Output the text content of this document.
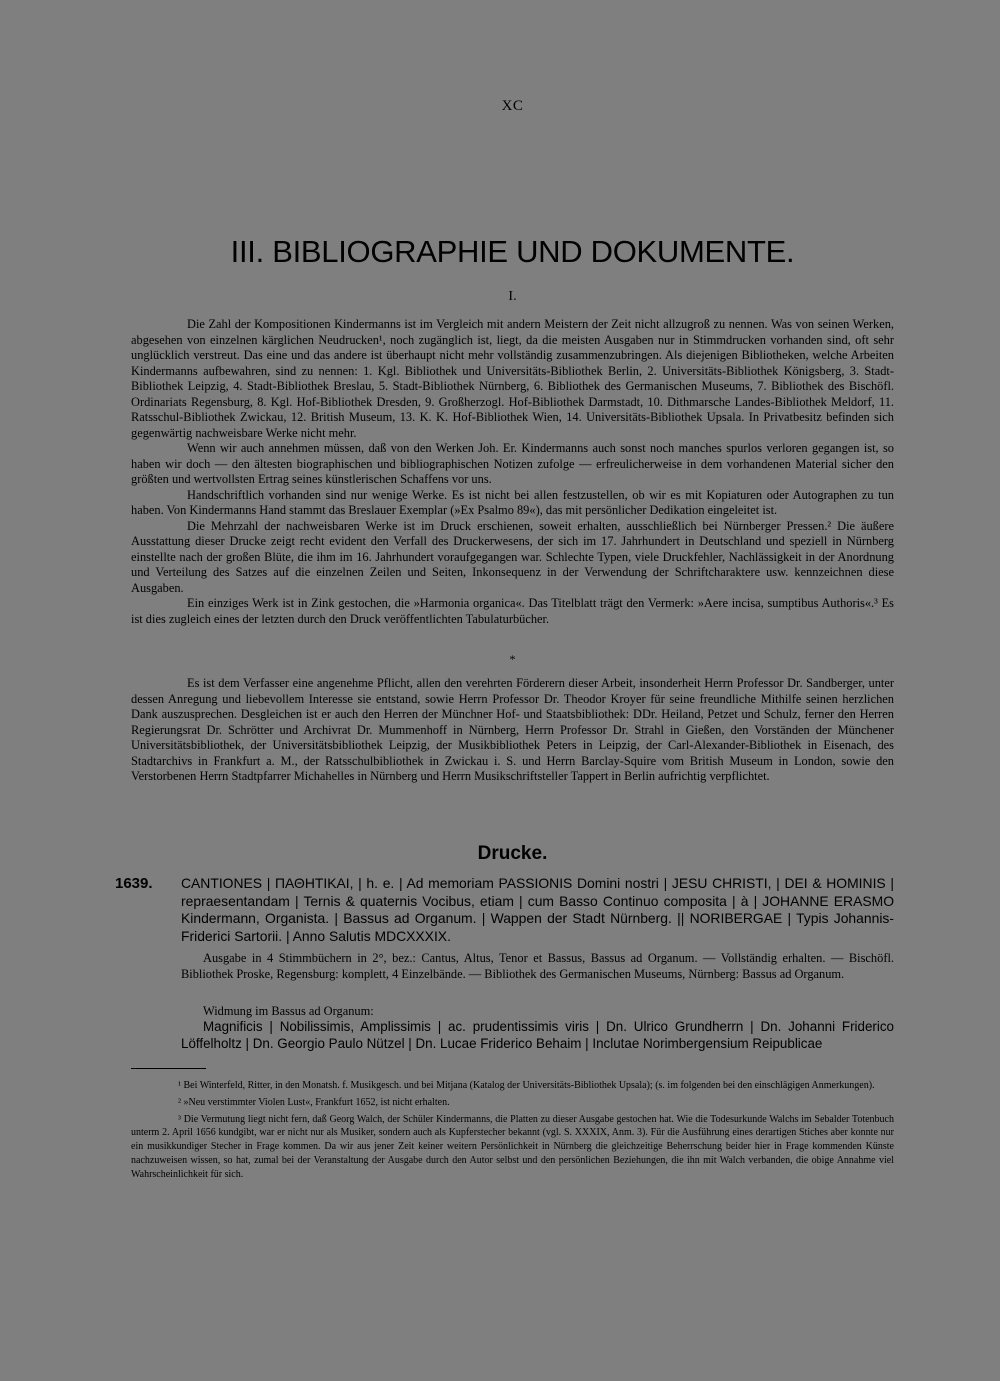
XC
III. BIBLIOGRAPHIE UND DOKUMENTE.
I.

Die Zahl der Kompositionen Kindermanns ist im Vergleich mit andern Meistern der Zeit nicht allzugroß zu nennen. Was von seinen Werken, abgesehen von einzelnen kärglichen Neudrucken¹, noch zugänglich ist, liegt, da die meisten Ausgaben nur in Stimmdrucken vorhanden sind, oft sehr unglücklich verstreut. Das eine und das andere ist überhaupt nicht mehr vollständig zusammenzubringen. Als diejenigen Bibliotheken, welche Arbeiten Kindermanns aufbewahren, sind zu nennen: 1. Kgl. Bibliothek und Universitäts-Bibliothek Berlin, 2. Universitäts-Bibliothek Königsberg, 3. Stadt-Bibliothek Leipzig, 4. Stadt-Bibliothek Breslau, 5. Stadt-Bibliothek Nürnberg, 6. Bibliothek des Germanischen Museums, 7. Bibliothek des Bischöfl. Ordinariats Regensburg, 8. Kgl. Hof-Bibliothek Dresden, 9. Großherzogl. Hof-Bibliothek Darmstadt, 10. Dithmarsche Landes-Bibliothek Meldorf, 11. Ratsschul-Bibliothek Zwickau, 12. British Museum, 13. K. K. Hof-Bibliothek Wien, 14. Universitäts-Bibliothek Upsala. In Privatbesitz befinden sich gegenwärtig nachweisbare Werke nicht mehr.

Wenn wir auch annehmen müssen, daß von den Werken Joh. Er. Kindermanns auch sonst noch manches spurlos verloren gegangen ist, so haben wir doch — den ältesten biographischen und bibliographischen Notizen zufolge — erfreulicherweise in dem vorhandenen Material sicher den größten und wertvollsten Ertrag seines künstlerischen Schaffens vor uns.

Handschriftlich vorhanden sind nur wenige Werke. Es ist nicht bei allen festzustellen, ob wir es mit Kopiaturen oder Autographen zu tun haben. Von Kindermanns Hand stammt das Breslauer Exemplar (»Ex Psalmo 89«), das mit persönlicher Dedikation eingeleitet ist.

Die Mehrzahl der nachweisbaren Werke ist im Druck erschienen, soweit erhalten, ausschließlich bei Nürnberger Pressen.² Die äußere Ausstattung dieser Drucke zeigt recht evident den Verfall des Druckerwesens, der sich im 17. Jahrhundert in Deutschland und speziell in Nürnberg einstellte nach der großen Blüte, die ihm im 16. Jahrhundert voraufgegangen war. Schlechte Typen, viele Druckfehler, Nachlässigkeit in der Anordnung und Verteilung des Satzes auf die einzelnen Zeilen und Seiten, Inkonsequenz in der Verwendung der Schriftcharaktere usw. kennzeichnen diese Ausgaben.

Ein einziges Werk ist in Zink gestochen, die »Harmonia organica«. Das Titelblatt trägt den Vermerk: »Aere incisa, sumptibus Authoris«.³ Es ist dies zugleich eines der letzten durch den Druck veröffentlichten Tabulaturbücher.

*

Es ist dem Verfasser eine angenehme Pflicht, allen den verehrten Förderern dieser Arbeit, insonderheit Herrn Professor Dr. Sandberger, unter dessen Anregung und liebevollem Interesse sie entstand, sowie Herrn Professor Dr. Theodor Kroyer für seine freundliche Mithilfe seinen herzlichen Dank auszusprechen. Desgleichen ist er auch den Herren der Münchner Hof- und Staatsbibliothek: DDr. Heiland, Petzet und Schulz, ferner den Herren Regierungsrat Dr. Schrötter und Archivrat Dr. Mummenhoff in Nürnberg, Herrn Professor Dr. Strahl in Gießen, den Vorständen der Münchener Universitätsbibliothek, der Universitätsbibliothek Leipzig, der Musikbibliothek Peters in Leipzig, der Carl-Alexander-Bibliothek in Eisenach, des Stadtarchivs in Frankfurt a. M., der Ratsschulbibliothek in Zwickau i. S. und Herrn Barclay-Squire vom British Museum in London, sowie den Verstorbenen Herrn Stadtpfarrer Michahelles in Nürnberg und Herrn Musikschriftsteller Tappert in Berlin aufrichtig verpflichtet.

Drucke.
1639. CANTIONES | ΠΑΘΗΤΙΚΑΙ, | h. e. | Ad memoriam PASSIONIS Domini nostri | JESU CHRISTI, | DEI & HOMINIS | repraesentandam | Ternis & quaternis Vocibus, etiam | cum Basso Continuo composita | à | JOHANNE ERASMO Kindermann, Organista. | Bassus ad Organum. | Wappen der Stadt Nürnberg. || NORIBERGAE | Typis Johannis-Friderici Sartorii. | Anno Salutis MDCXXXIX.

Ausgabe in 4 Stimmbüchern in 2°, bez.: Cantus, Altus, Tenor et Bassus, Bassus ad Organum. — Vollständig erhalten. — Bischöfl. Bibliothek Proske, Regensburg: komplett, 4 Einzelbände. — Bibliothek des Germanischen Museums, Nürnberg: Bassus ad Organum.

Widmung im Bassus ad Organum:

Magnificis | Nobilissimis, Amplissimis | ac. prudentissimis viris | Dn. Ulrico Grundherrn | Dn. Johanni Friderico Löffelholtz | Dn. Georgio Paulo Nützel | Dn. Lucae Friderico Behaim | Inclutae Norimbergensium Reipublicae

¹ Bei Winterfeld, Ritter, in den Monatsh. f. Musikgesch. und bei Mitjana (Katalog der Universitäts-Bibliothek Upsala); (s. im folgenden bei den einschlägigen Anmerkungen).

² »Neu verstimmter Violen Lust«, Frankfurt 1652, ist nicht erhalten.

³ Die Vermutung liegt nicht fern, daß Georg Walch, der Schüler Kindermanns, die Platten zu dieser Ausgabe gestochen hat. Wie die Todesurkunde Walchs im Sebalder Totenbuch unterm 2. April 1656 kundgibt, war er nicht nur als Musiker, sondern auch als Kupferstecher bekannt (vgl. S. XXXIX, Anm. 3). Für die Ausführung eines derartigen Stiches aber konnte nur ein musikkundiger Stecher in Frage kommen. Da wir aus jener Zeit keiner weitern Persönlichkeit in Nürnberg die gleichzeitige Beherrschung beider hier in Frage kommenden Künste nachzuweisen wissen, so hat, zumal bei der Veranstaltung der Ausgabe durch den Autor selbst und den persönlichen Beziehungen, die ihn mit Walch verbanden, die obige Annahme viel Wahrscheinlichkeit für sich.
